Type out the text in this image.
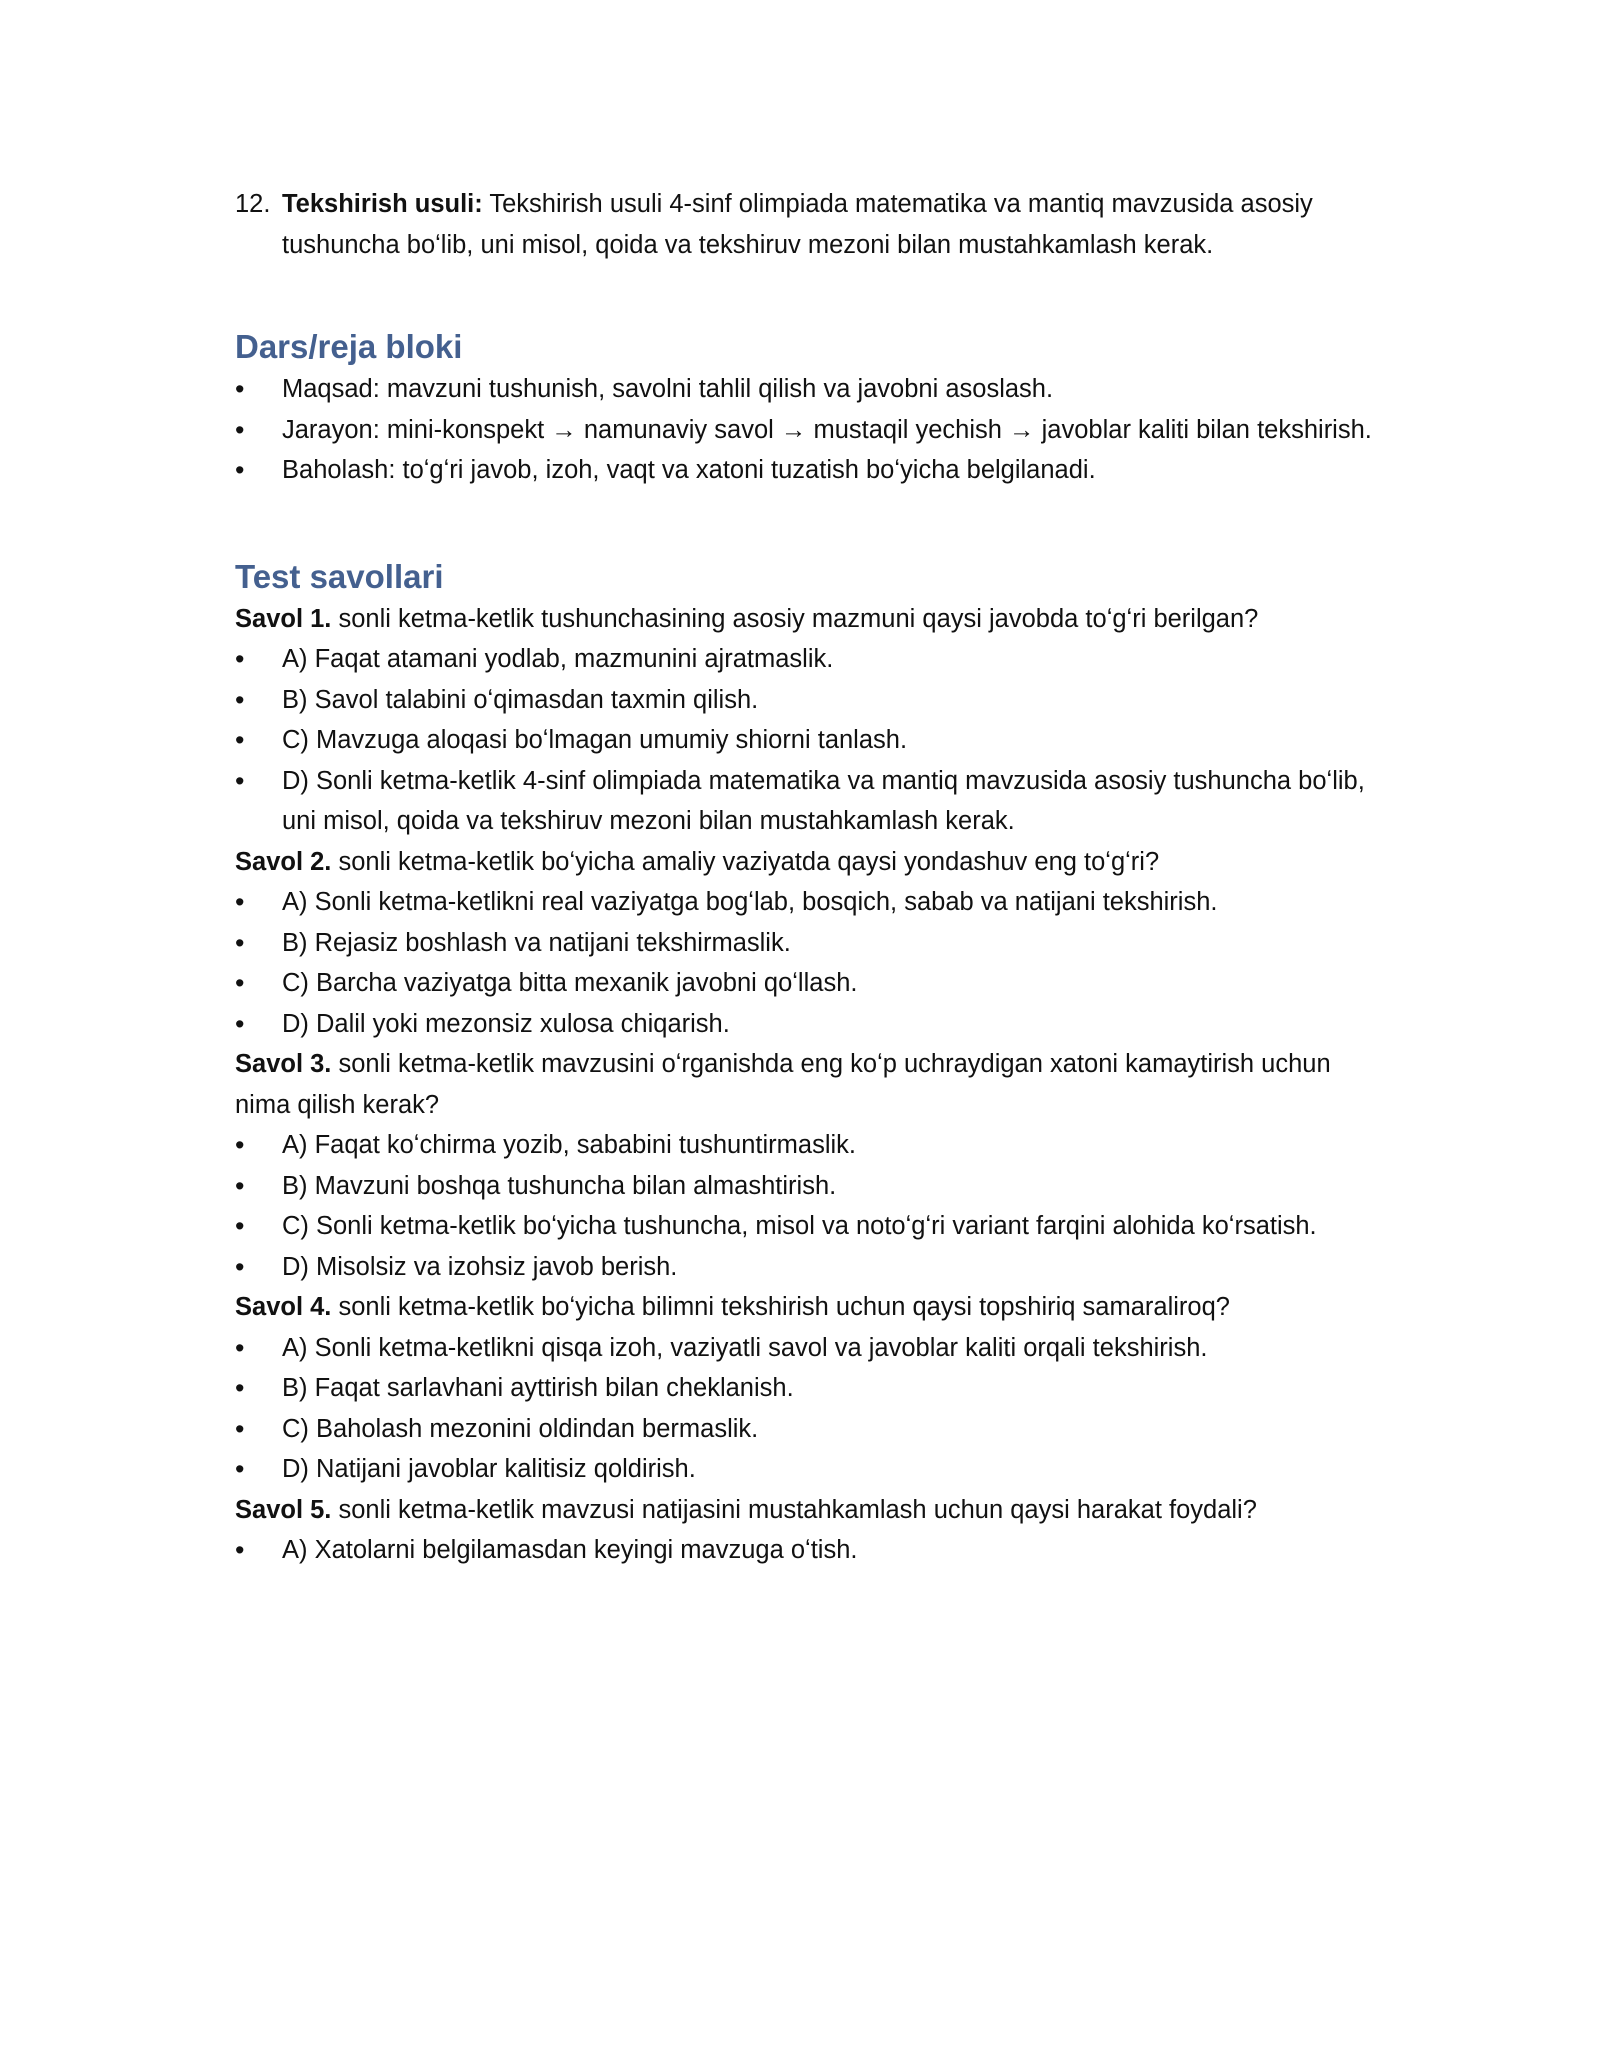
12. Tekshirish usuli: Tekshirish usuli 4-sinf olimpiada matematika va mantiq mavzusida asosiy tushuncha boʻlib, uni misol, qoida va tekshiruv mezoni bilan mustahkamlash kerak.

Dars/reja bloki
• Maqsad: mavzuni tushunish, savolni tahlil qilish va javobni asoslash.
• Jarayon: mini-konspekt → namunaviy savol → mustaqil yechish → javoblar kaliti bilan tekshirish.
• Baholash: toʻgʻri javob, izoh, vaqt va xatoni tuzatish boʻyicha belgilanadi.
Test savollari

Savol 1. sonli ketma-ketlik tushunchasining asosiy mazmuni qaysi javobda toʻgʻri berilgan?

• A) Faqat atamani yodlab, mazmunini ajratmaslik.
• B) Savol talabini oʻqimasdan taxmin qilish.
• C) Mavzuga aloqasi boʻlmagan umumiy shiorni tanlash.
• D) Sonli ketma-ketlik 4-sinf olimpiada matematika va mantiq mavzusida asosiy tushuncha boʻlib, uni misol, qoida va tekshiruv mezoni bilan mustahkamlash kerak.

Savol 2. sonli ketma-ketlik boʻyicha amaliy vaziyatda qaysi yondashuv eng toʻgʻri?

• A) Sonli ketma-ketlikni real vaziyatga bogʻlab, bosqich, sabab va natijani tekshirish.
• B) Rejasiz boshlash va natijani tekshirmaslik.
• C) Barcha vaziyatga bitta mexanik javobni qoʻllash.
• D) Dalil yoki mezonsiz xulosa chiqarish.

Savol 3. sonli ketma-ketlik mavzusini oʻrganishda eng koʻp uchraydigan xatoni kamaytirish uchun nima qilish kerak?

• A) Faqat koʻchirma yozib, sababini tushuntirmaslik.
• B) Mavzuni boshqa tushuncha bilan almashtirish.
• C) Sonli ketma-ketlik boʻyicha tushuncha, misol va notoʻgʻri variant farqini alohida koʻrsatish.
• D) Misolsiz va izohsiz javob berish.

Savol 4. sonli ketma-ketlik boʻyicha bilimni tekshirish uchun qaysi topshiriq samaraliroq?

• A) Sonli ketma-ketlikni qisqa izoh, vaziyatli savol va javoblar kaliti orqali tekshirish.
• B) Faqat sarlavhani ayttirish bilan cheklanish.
• C) Baholash mezonini oldindan bermaslik.
• D) Natijani javoblar kalitisiz qoldirish.

Savol 5. sonli ketma-ketlik mavzusi natijasini mustahkamlash uchun qaysi harakat foydali?

• A) Xatolarni belgilamasdan keyingi mavzuga oʻtish.
